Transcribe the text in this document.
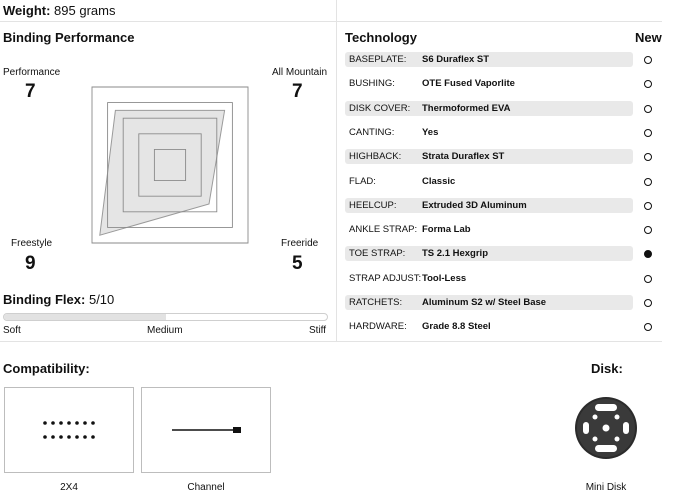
Weight: 895 grams
Binding Performance
Performance
7
All Mountain
7
Freeride
5
Freestyle
9
Binding Flex: 5/10
Soft	Medium	Stiff
Technology	New
BASEPLATE: S6 Duraflex ST
BUSHING:	OTE Fused Vaporlite
DISK COVER: Thermoformed EVA
CANTING:	Yes
HIGHBACK: Strata Duraflex ST
FLAD:	Classic
HEELCUP:	Extruded 3D Aluminum
ANKLE STRAP: Forma Lab
TOE STRAP: TS 2.1 Hexgrip
STRAP ADJUST: Tool-Less
RATCHETS: Aluminum S2 w/ Steel Base
HARDWARE: Grade 8.8 Steel
Compatibility:
2X4	Channel
Disk:
Mini Disk
